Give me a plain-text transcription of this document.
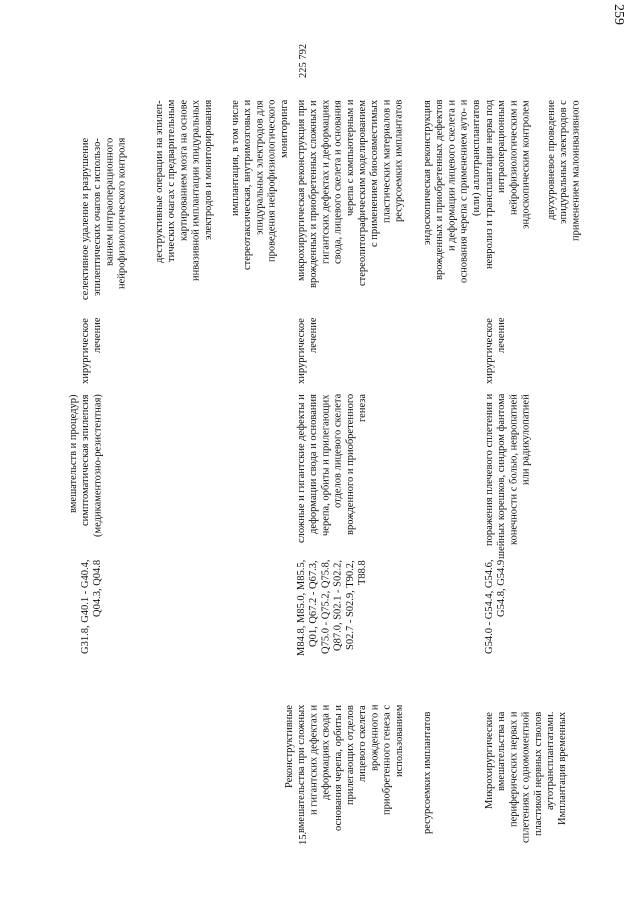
259
G31.8, G40.1 - G40.4, Q04.3, Q04.8
вмешательств и процедур) симптоматическая эпилепсия (медикаментозно-резистентная)
хирургическое лечение
селективное удаление и разрушение эпилептических очагов с использо- ванием интраоперационного нейрофизиологического контроля	деструктивные операции на эпилеп- тических очагах с предварительным картированием мозга на основе инвазивной имплантации эпидуральных электродов и мониторирования имплантация, в том числе стереотаксическая, внутримозговых и эпидуральных электродов для проведения нейрофизиологического мониторинга
15.
Реконструктивные вмешательства при сложных и гигантских дефектах и деформациях свода и основания черепа, орбиты и прилегающих отделов лицевого скелета врожденного и приобретенного генеза с использованием ресурсоемких имплантатов
M84.8, M85.0, M85.5, Q01, Q67.2 - Q67.3, Q75.0 - Q75.2, Q75.8, Q87.0, S02.1 - S02.2, S02.7 - S02.9, T90.2, T88.8
сложные и гигантские дефекты и деформации свода и основания черепа, орбиты и прилегающих отделов лицевого скелета врожденного и приобретенного генеза
хирургическое лечение
микрохирургическая реконструкция при врожденных и приобретенных сложных и гигантских дефектах и деформациях свода, лицевого скелета и основания черепа с компьютерным и стереолитографическим моделированием с применением биосовместимых пластических материалов и ресурсоемких имплантатов эндоскопическая реконструкция врожденных и приобретенных дефектов и деформации лицевого скелета и основания черепа с применением ауто- и (или) аллотрансплантатов
225 792
Микрохирургические вмешательства на периферических нервах и сплетениях с одномоментной пластикой нервных стволов аутотрансплантатами. Имплантация временных
G54.0 - G54.4, G54.6, G54.8, G54.9
поражения плечевого сплетения и шейных корешков, синдром фантома конечности с болью, невропатией или радикулопатией
хирургическое лечение
невролиз и трансплантация нерва под интраоперационным нейрофизиологическим и эндоскопическим контролем двухуровневое проведение эпидуральных электродов с применением малоинвазивного
